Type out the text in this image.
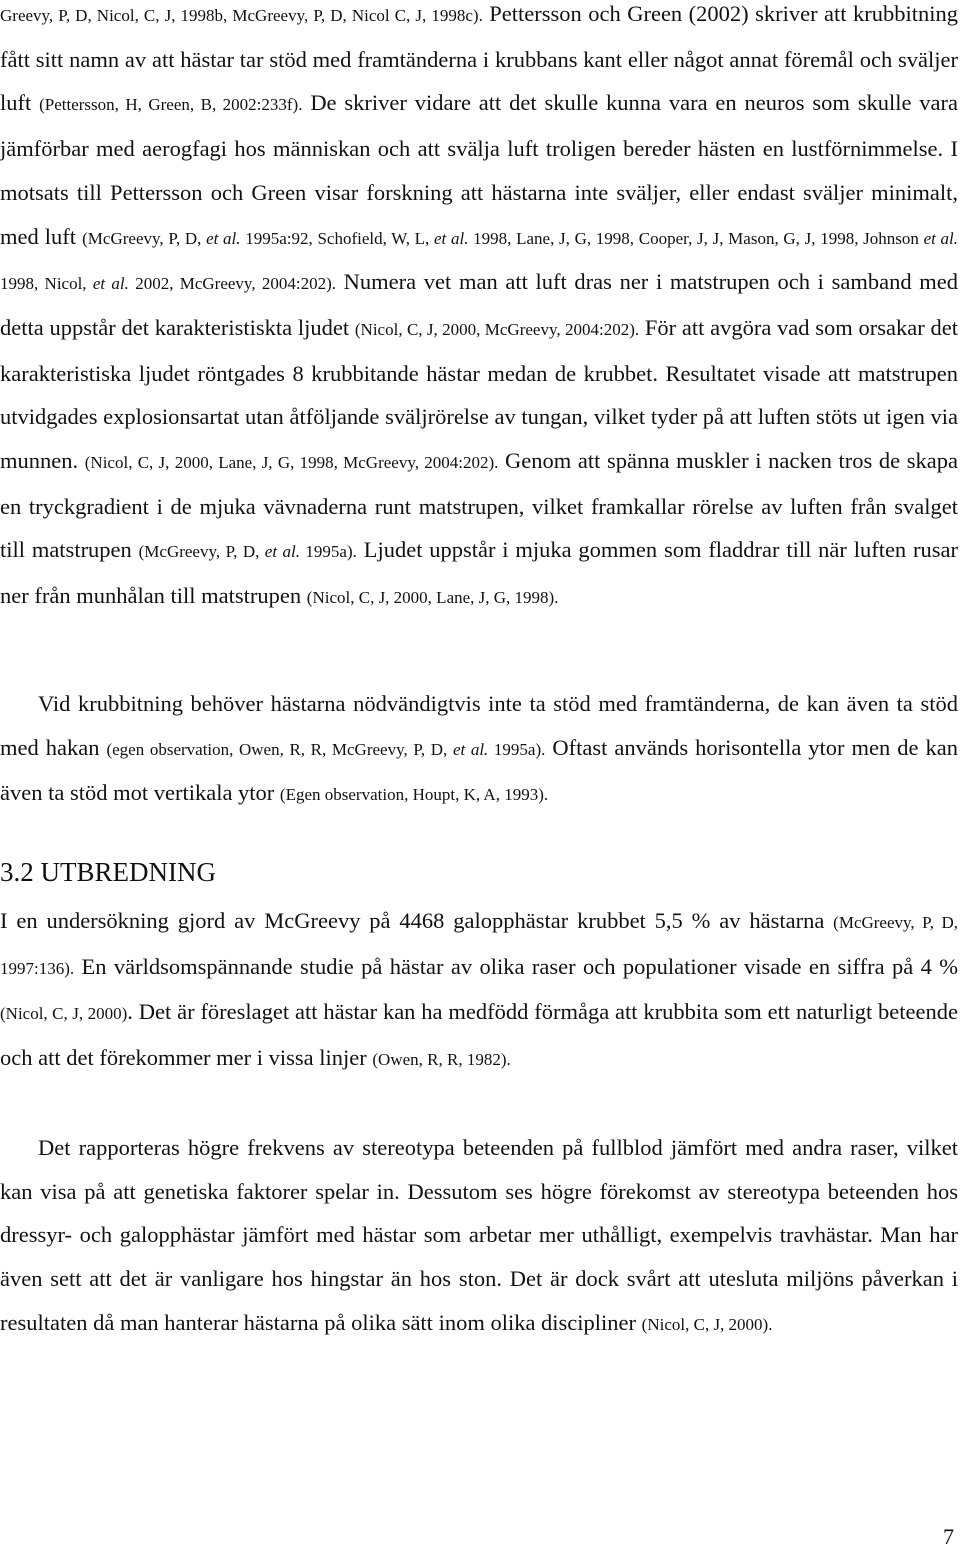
Greevy, P, D, Nicol, C, J, 1998b, McGreevy, P, D, Nicol C, J, 1998c). Pettersson och Green (2002) skriver att krubbitning fått sitt namn av att hästar tar stöd med framtänderna i krubbans kant eller något annat föremål och sväljer luft (Pettersson, H, Green, B, 2002:233f). De skriver vidare att det skulle kunna vara en neuros som skulle vara jämförbar med aerogfagi hos människan och att svälja luft troligen bereder hästen en lustförnimmelse. I motsats till Pettersson och Green visar forskning att hästarna inte sväljer, eller endast sväljer minimalt, med luft (McGreevy, P, D, et al. 1995a:92, Schofield, W, L, et al. 1998, Lane, J, G, 1998, Cooper, J, J, Mason, G, J, 1998, Johnson et al. 1998, Nicol, et al. 2002, McGreevy, 2004:202). Numera vet man att luft dras ner i matstrupen och i samband med detta uppstår det karakteristiskta ljudet (Nicol, C, J, 2000, McGreevy, 2004:202). För att avgöra vad som orsakar det karakteristiska ljudet röntgades 8 krubbitande hästar medan de krubbet. Resultatet visade att matstrupen utvidgades explosionsartat utan åtföljande sväljrörelse av tungan, vilket tyder på att luften stöts ut igen via munnen. (Nicol, C, J, 2000, Lane, J, G, 1998, McGreevy, 2004:202). Genom att spänna muskler i nacken tros de skapa en tryckgradient i de mjuka vävnaderna runt matstrupen, vilket framkallar rörelse av luften från svalget till matstrupen (McGreevy, P, D, et al. 1995a). Ljudet uppstår i mjuka gommen som fladdrar till när luften rusar ner från munhålan till matstrupen (Nicol, C, J, 2000, Lane, J, G, 1998).

Vid krubbitning behöver hästarna nödvändigtvis inte ta stöd med framtänderna, de kan även ta stöd med hakan (egen observation, Owen, R, R, McGreevy, P, D, et al. 1995a). Oftast används horisontella ytor men de kan även ta stöd mot vertikala ytor (Egen observation, Houpt, K, A, 1993).

3.2 UTBREDNING

I en undersökning gjord av McGreevy på 4468 galopphästar krubbet 5,5 % av hästarna (McGreevy, P, D, 1997:136). En världsomspännande studie på hästar av olika raser och populationer visade en siffra på 4 % (Nicol, C, J, 2000). Det är föreslaget att hästar kan ha medfödd förmåga att krubbita som ett naturligt beteende och att det förekommer mer i vissa linjer (Owen, R, R, 1982).

Det rapporteras högre frekvens av stereotypa beteenden på fullblod jämfört med andra raser, vilket kan visa på att genetiska faktorer spelar in. Dessutom ses högre förekomst av stereotypa beteenden hos dressyr- och galopphästar jämfört med hästar som arbetar mer uthålligt, exempelvis travhästar. Man har även sett att det är vanligare hos hingstar än hos ston. Det är dock svårt att utesluta miljöns påverkan i resultaten då man hanterar hästarna på olika sätt inom olika discipliner (Nicol, C, J, 2000).

7
